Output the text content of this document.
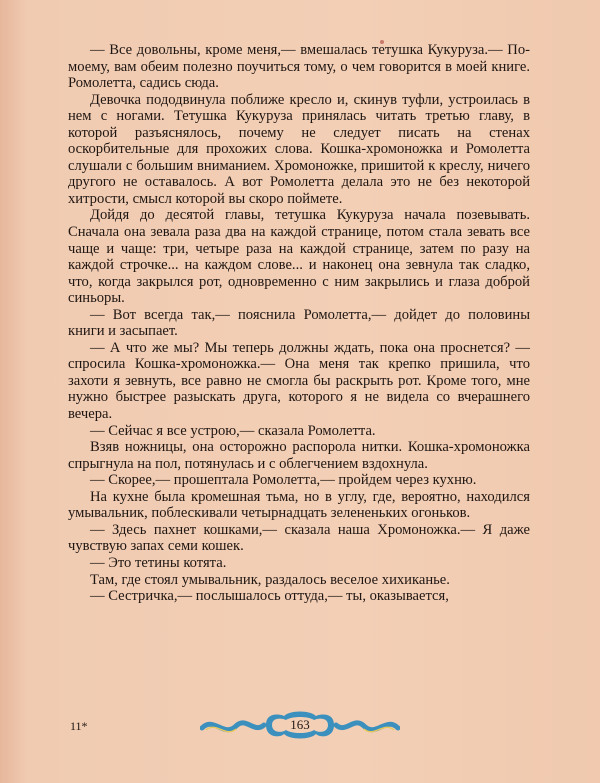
— Все довольны, кроме меня,— вмешалась тетушка Кукуруза.— По-моему, вам обеим полезно поучиться тому, о чем говорится в моей книге. Ромолетта, садись сюда.

Девочка пододвинула поближе кресло и, скинув туфли, устроилась в нем с ногами. Тетушка Кукуруза принялась читать третью главу, в которой разъяснялось, почему не следует писать на стенах оскорбительные для прохожих слова. Кошка-хромоножка и Ромолетта слушали с большим вниманием. Хромоножке, пришитой к креслу, ничего другого не оставалось. А вот Ромолетта делала это не без некоторой хитрости, смысл которой вы скоро поймете.

Дойдя до десятой главы, тетушка Кукуруза начала позевывать. Сначала она зевала раза два на каждой странице, потом стала зевать все чаще и чаще: три, четыре раза на каждой странице, затем по разу на каждой строчке... на каждом слове... и наконец она зевнула так сладко, что, когда закрылся рот, одновременно с ним закрылись и глаза доброй синьоры.

— Вот всегда так,— пояснила Ромолетта,— дойдет до половины книги и засыпает.

— А что же мы? Мы теперь должны ждать, пока она проснется? — спросила Кошка-хромоножка.— Она меня так крепко пришила, что захоти я зевнуть, все равно не смогла бы раскрыть рот. Кроме того, мне нужно быстрее разыскать друга, которого я не видела со вчерашнего вечера.

— Сейчас я все устрою,— сказала Ромолетта.

Взяв ножницы, она осторожно распорола нитки. Кошка-хромоножка спрыгнула на пол, потянулась и с облегчением вздохнула.

— Скорее,— прошептала Ромолетта,— пройдем через кухню.

На кухне была кромешная тьма, но в углу, где, вероятно, находился умывальник, поблескивали четырнадцать зелененьких огоньков.

— Здесь пахнет кошками,— сказала наша Хромоножка.— Я даже чувствую запах семи кошек.

— Это тетины котята.

Там, где стоял умывальник, раздалось веселое хихиканье.

— Сестричка,— послышалось оттуда,— ты, оказывается,

11*	163
